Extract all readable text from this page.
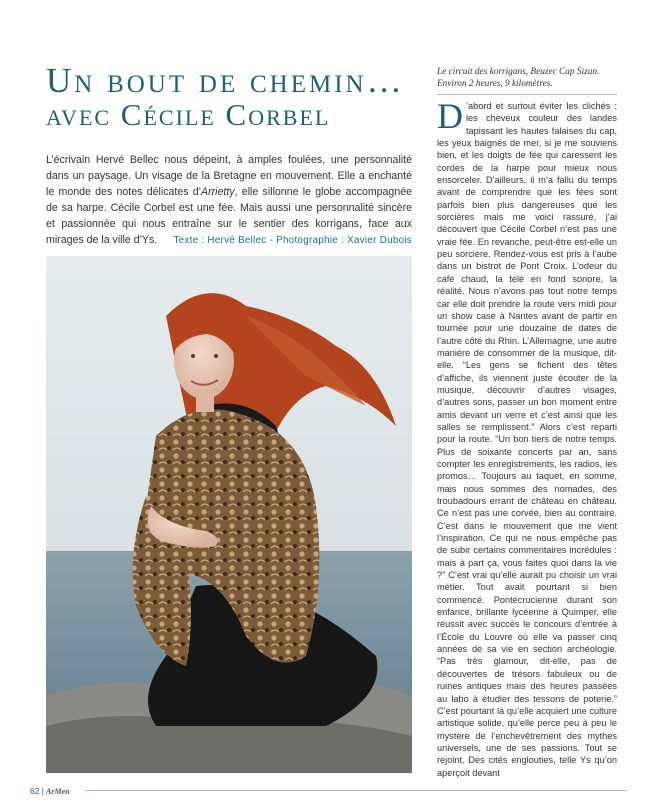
Un bout de chemin…
avec Cécile Corbel

L’écrivain Hervé Bellec nous dépeint, à amples foulées, une personnalité dans un paysage. Un visage de la Bretagne en mouvement. Elle a enchanté le monde des notes délicates d’Arrietty, elle sillonne le globe accompagnée de sa harpe. Cécile Corbel est une fée. Mais aussi une personnalité sincère et passionnée qui nous entraîne sur le sentier des korrigans, face aux mirages de la ville d’Ys.	Texte : Hervé Bellec - Photographie : Xavier Dubois

Le circuit des korrigans, Beuzec Cap Sizun. Environ 2 heures, 9 kilomètres.

D ’abord et surtout éviter les clichés : les cheveux couleur des landes tapissant les hautes falaises du cap, les yeux baignés de mer, si je me souviens bien, et les doigts de fée qui caressent les cordes de la harpe pour mieux nous ensorceler. D’ailleurs, il m’a fallu du temps avant de comprendre que les fées sont parfois bien plus dangereuses que les sorcières mais me voici rassuré, j’ai découvert que Cécile Corbel n’est pas une vraie fée. En revanche, peut-être est-elle un peu sorcière. Rendez-vous est pris à l’aube dans un bistrot de Pont Croix. L’odeur du café chaud, la télé en fond sonore, la réalité. Nous n’avons pas tout notre temps car elle doit prendre la route vers midi pour un show case à Nantes avant de partir en tournée pour une douzaine de dates de l’autre côté du Rhin. L’Allemagne, une autre manière de consommer de la musique, dit-elle. “Les gens se fichent des têtes d’affiche, ils viennent juste écouter de la musique, découvrir d’autres visages, d’autres sons, passer un bon moment entre amis devant un verre et c’est ainsi que les salles se remplissent.” Alors c’est reparti pour la route. “Un bon tiers de notre temps. Plus de soixante concerts par an, sans compter les enregistrements, les radios, les promos… Toujours au taquet, en somme, mais nous sommes des nomades, des troubadours errant de château en château. Ce n’est pas une corvée, bien au contraire. C’est dans le mouvement que me vient l’inspiration. Ce qui ne nous empêche pas de subir certains commentaires incrédules : mais à part ça, vous faites quoi dans la vie ?” C’est vrai qu’elle aurait pu choisir un vrai métier. Tout avait pourtant si bien commencé. Pontécrucienne durant son enfance, brillante lycéenne à Quimper, elle réussit avec succès le concours d’entrée à l’École du Louvre où elle va passer cinq années de sa vie en section archéologie. “Pas très glamour, dit-elle, pas de découvertes de trésors fabuleux ou de ruines antiques mais des heures passées au labo à étudier des tessons de poterie.” C’est pourtant là qu’elle acquiert une culture artistique solide, qu’elle perce peu à peu le mystère de l’enchevêtrement des mythes universels, une de ses passions. Tout se rejoint. Des cités englouties, telle Ys qu’on aperçoit devant
62 | ArMen
